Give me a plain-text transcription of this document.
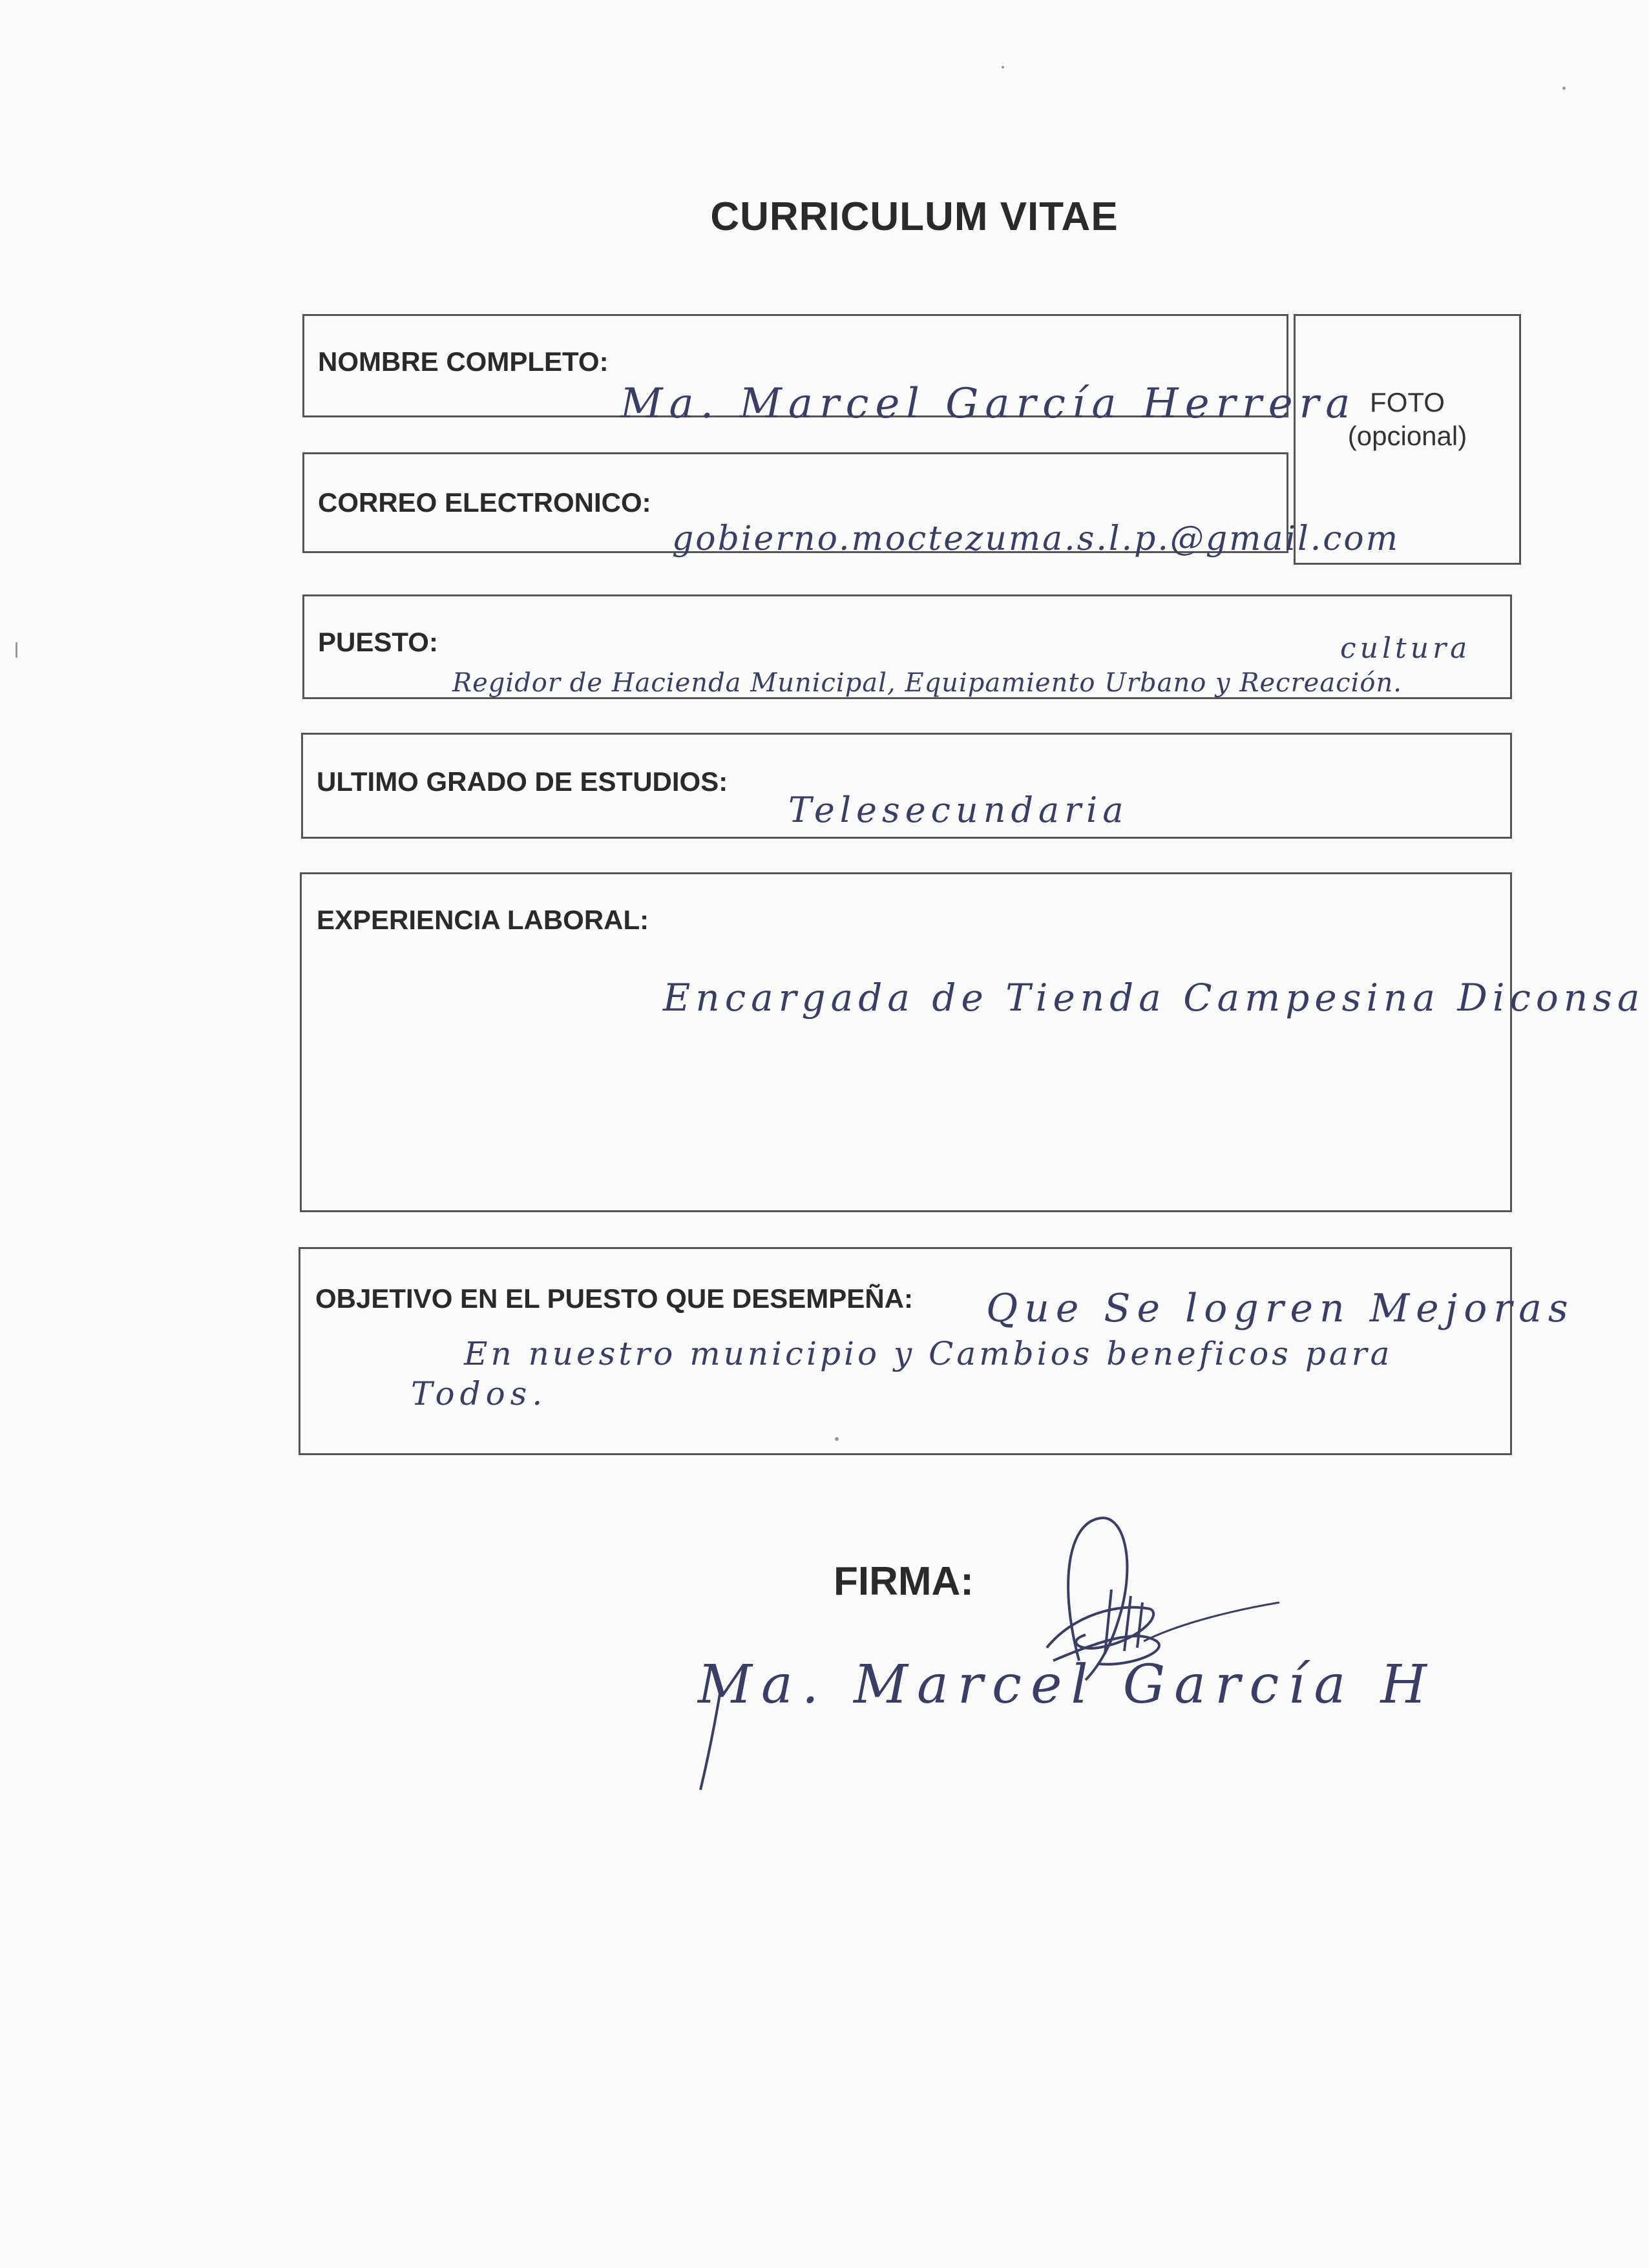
CURRICULUM VITAE
NOMBRE COMPLETO:
Ma. Marcel García Herrera FOTO
(opcional)
CORREO ELECTRONICO:
gobierno.moctezuma.s.l.p.@gmail.com
PUESTO:	cultura
Regidor de Hacienda Municipal, Equipamiento Urbano y Recreación.
ULTIMO GRADO DE ESTUDIOS:
Telesecundaria
EXPERIENCIA LABORAL:
Encargada de Tienda Campesina Diconsa
OBJETIVO EN EL PUESTO QUE DESEMPEÑA: Que Se logren Mejoras
En nuestro municipio y Cambios beneficos para
Todos.
FIRMA:
Ma. Marcel García H
